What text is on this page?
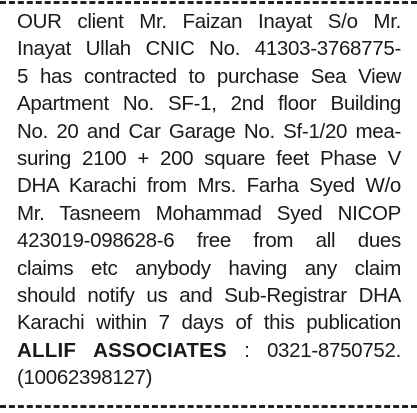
OUR client Mr. Faizan Inayat S/o Mr.
Inayat Ullah CNIC No. 41303-3768775-
5 has contracted to purchase Sea View
Apartment No. SF-1, 2nd floor Building
No. 20 and Car Garage No. Sf-1/20 mea-
suring 2100 + 200 square feet Phase V
DHA Karachi from Mrs. Farha Syed W/o
Mr. Tasneem Mohammad Syed NICOP
423019-098628-6 free from all dues
claims etc anybody having any claim
should notify us and Sub-Registrar DHA
Karachi within 7 days of this publication
ALLIF ASSOCIATES : 0321-8750752.
(10062398127)
